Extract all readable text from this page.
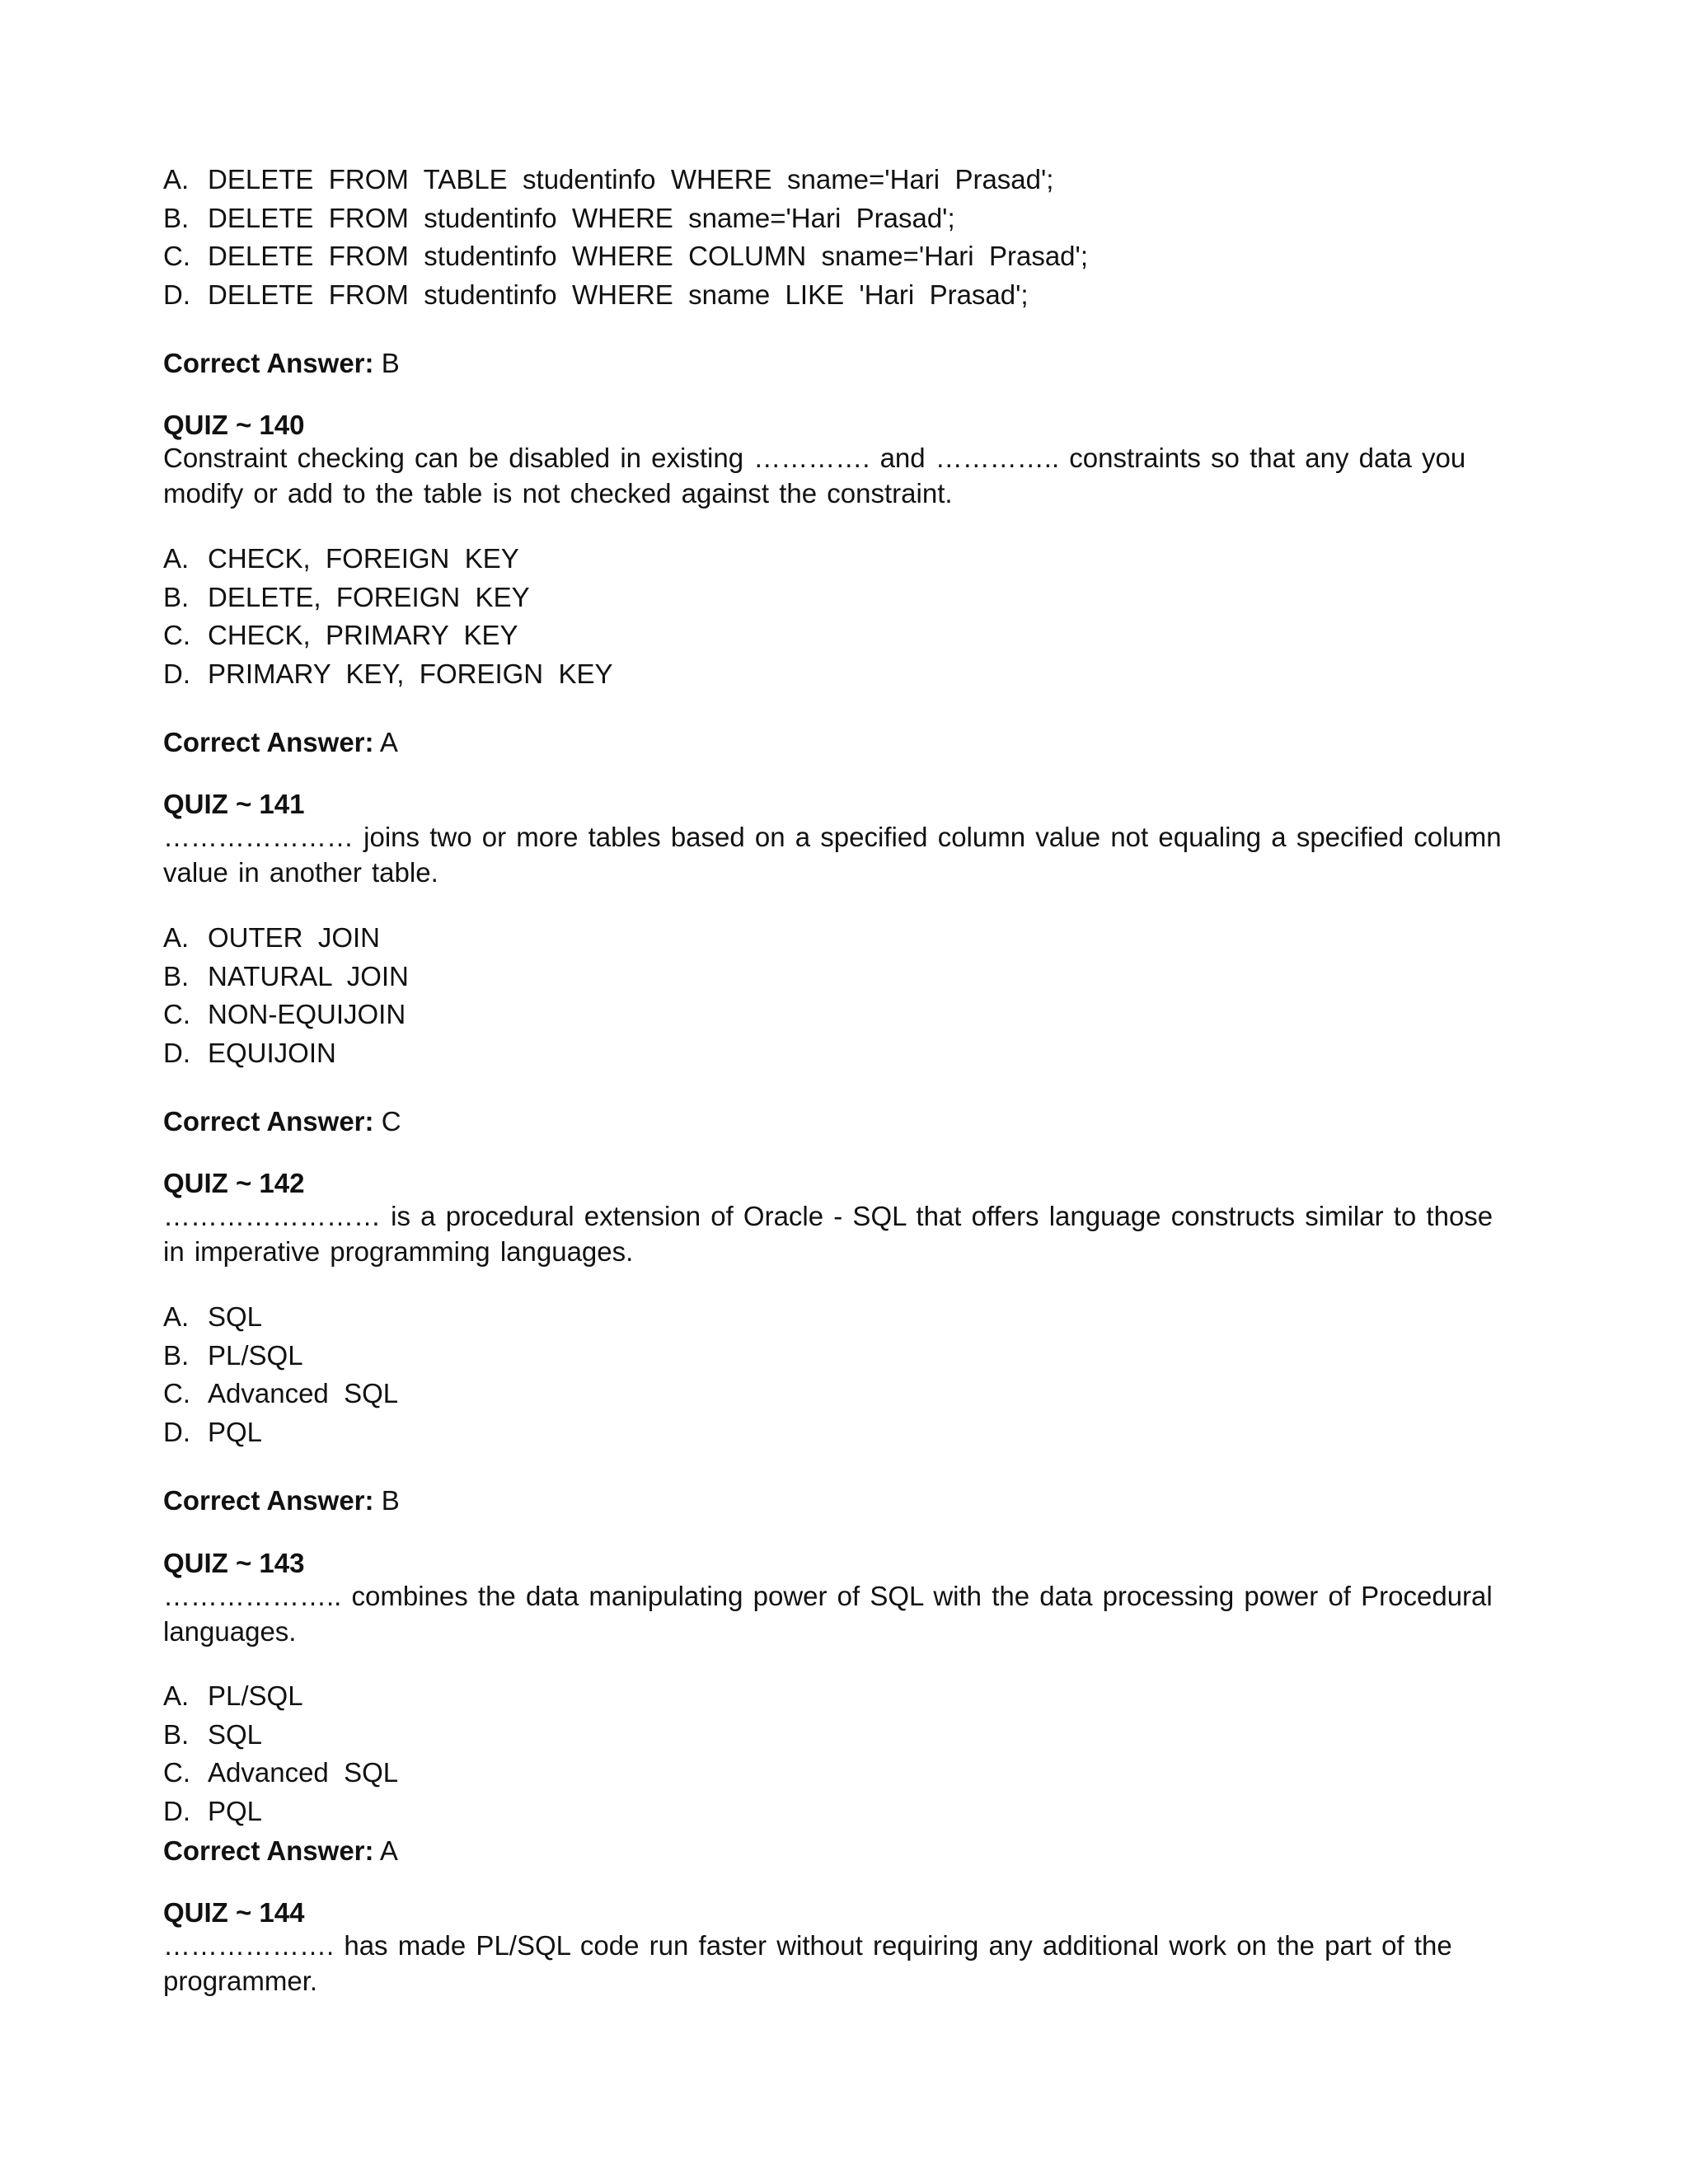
A. DELETE  FROM  TABLE  studentinfo  WHERE  sname='Hari  Prasad';
B. DELETE  FROM  studentinfo  WHERE  sname='Hari  Prasad';
C. DELETE  FROM  studentinfo  WHERE  COLUMN  sname='Hari  Prasad';
D. DELETE  FROM  studentinfo  WHERE  sname  LIKE  'Hari  Prasad';
Correct Answer: B
QUIZ ~ 140
Constraint checking can be disabled in existing …………. and ………….. constraints so that any data you modify or add to the table is not checked against the constraint.
A. CHECK,  FOREIGN  KEY
B. DELETE,  FOREIGN  KEY
C. CHECK,  PRIMARY  KEY
D. PRIMARY  KEY,  FOREIGN  KEY
Correct Answer: A
QUIZ ~ 141
………………… joins two or more tables based on a specified column value not equaling a specified column value in another table.
A. OUTER  JOIN
B. NATURAL  JOIN
C. NON-EQUIJOIN
D. EQUIJOIN
Correct Answer: C
QUIZ ~ 142
…………………… is a procedural extension of Oracle - SQL that offers language constructs similar to those in imperative programming languages.
A. SQL
B. PL/SQL
C. Advanced  SQL
D. PQL
Correct Answer: B
QUIZ ~ 143
……………….. combines the data manipulating power of SQL with the data processing power of Procedural languages.
A. PL/SQL
B. SQL
C. Advanced  SQL
D. PQL
Correct Answer: A
QUIZ ~ 144
………………. has made PL/SQL code run faster without requiring any additional work on the part of the programmer.
